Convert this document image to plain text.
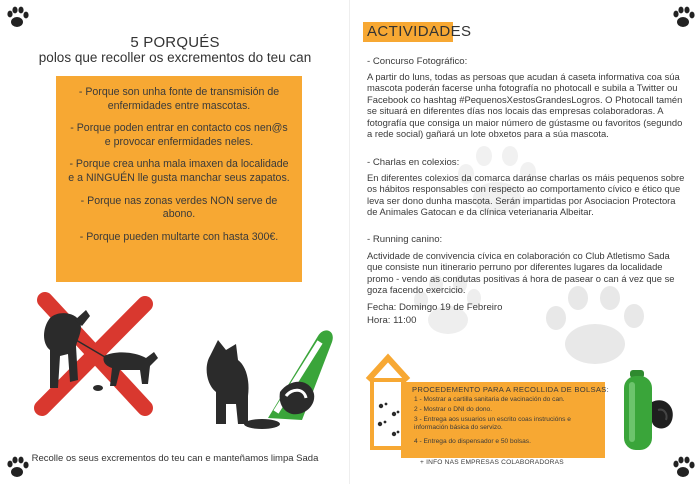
5 PORQUÉS
polos que recoller os excrementos do teu can
- Porque son unha fonte de transmisión de enfermidades entre mascotas.
- Porque poden entrar en contacto cos nen@s e provocar enfermidades neles.
- Porque crea unha mala imaxen da localidade e a NINGUÉN lle gusta manchar seus zapatos.
- Porque nas zonas verdes NON serve de abono.
- Porque pueden multarte con hasta 300€.
Recolle os seus excrementos do teu can e manteñamos limpa Sada
ACTIVIDADES
- Concurso Fotográfico:
A partir do luns, todas as persoas que acudan á caseta informativa coa súa mascota poderán facerse unha fotografía no photocall e subila a Twitter ou Facebook co hashtag #PequenosXestosGrandesLogros. O Photocall tamén se situará en diferentes días nos locais das empresas colaboradoras. A fotografía que consiga un maior número de gústasme ou favoritos (segundo a rede social) gañará un lote obxetos para a súa mascota.
- Charlas en colexios:
En diferentes colexios da comarca daránse charlas os máis pequenos sobre os hábitos responsables con respecto ao comportamento cívico e ético que leva ser dono dunha mascota. Serán impartidas por Asociacion Protectora de Animales Gatocan e da clínica veterianaria Albeitar.
- Running canino:
Actividade de convivencia cívica en colaboración co Club Atletismo Sada que consiste nun itinerario perruno por diferentes lugares da localidade promo - vendo as condutas positivas á hora de pasear o can á vez que se goza facendo exercicio.
Fecha: Domingo 19 de Febreiro
Hora: 11:00
PROCEDEMENTO PARA A RECOLLIDA DE BOLSAS:
1 - Mostrar a cartilla sanitaria de vacinación do can.
2 - Mostrar o DNI do dono.
3 - Entrega aos usuarios un escrito coas instrucións e información básica do servizo.
4 - Entrega do dispensador e 50 bolsas.
+ INFO NAS EMPRESAS COLABORADORAS
